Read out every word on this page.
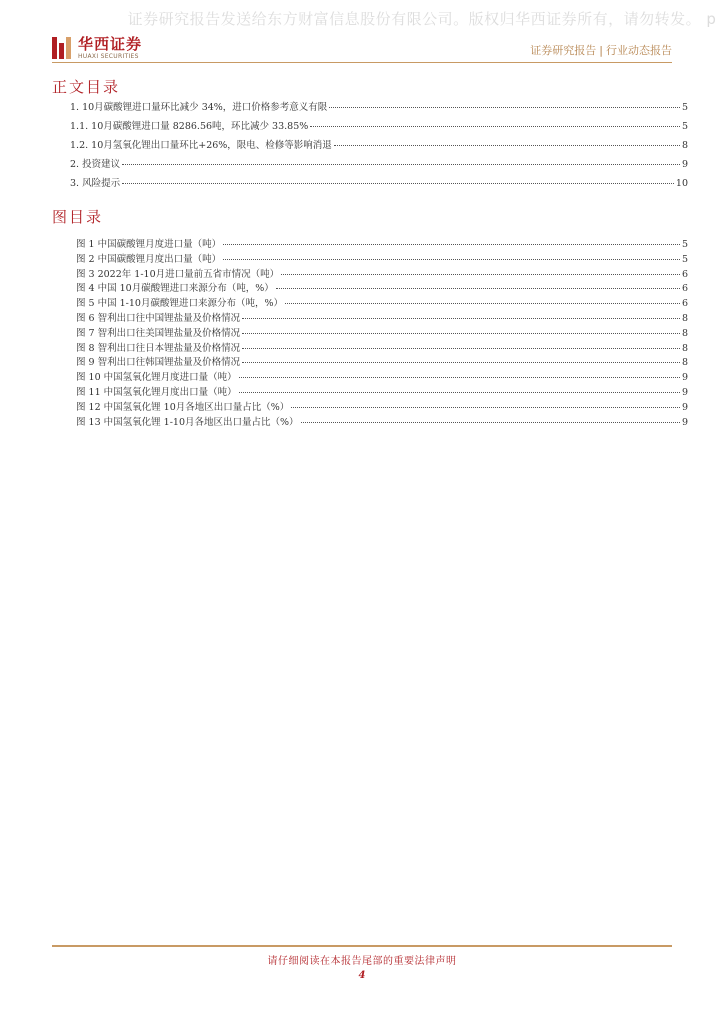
证券研究报告发送给东方财富信息股份有限公司。版权归华西证券所有，请勿转发。 p
华西证券
HUAXI SECURITIES	证券研究报告 | 行业动态报告
正文目录
1. 10月碳酸锂进口量环比减少 34%，进口价格参考意义有限	5
1.1. 10月碳酸锂进口量 8286.56吨，环比减少 33.85%	5
1.2. 10月氢氧化锂出口量环比+26%，限电、检修等影响消退	8
2. 投资建议	9
3. 风险提示	10
图目录
图 1 中国碳酸锂月度进口量（吨）	5
图 2 中国碳酸锂月度出口量（吨）	5
图 3 2022年 1-10月进口量前五省市情况（吨）	6
图 4 中国 10月碳酸锂进口来源分布（吨，%）	6
图 5 中国 1-10月碳酸锂进口来源分布（吨，%）	6
图 6 智利出口往中国锂盐量及价格情况	8
图 7 智利出口往美国锂盐量及价格情况	8
图 8 智利出口往日本锂盐量及价格情况	8
图 9 智利出口往韩国锂盐量及价格情况	8
图 10 中国氢氧化锂月度进口量（吨）	9
图 11 中国氢氧化锂月度出口量（吨）	9
图 12 中国氢氧化锂 10月各地区出口量占比（%）	9
图 13 中国氢氧化锂 1-10月各地区出口量占比（%）	9
请仔细阅读在本报告尾部的重要法律声明
4
